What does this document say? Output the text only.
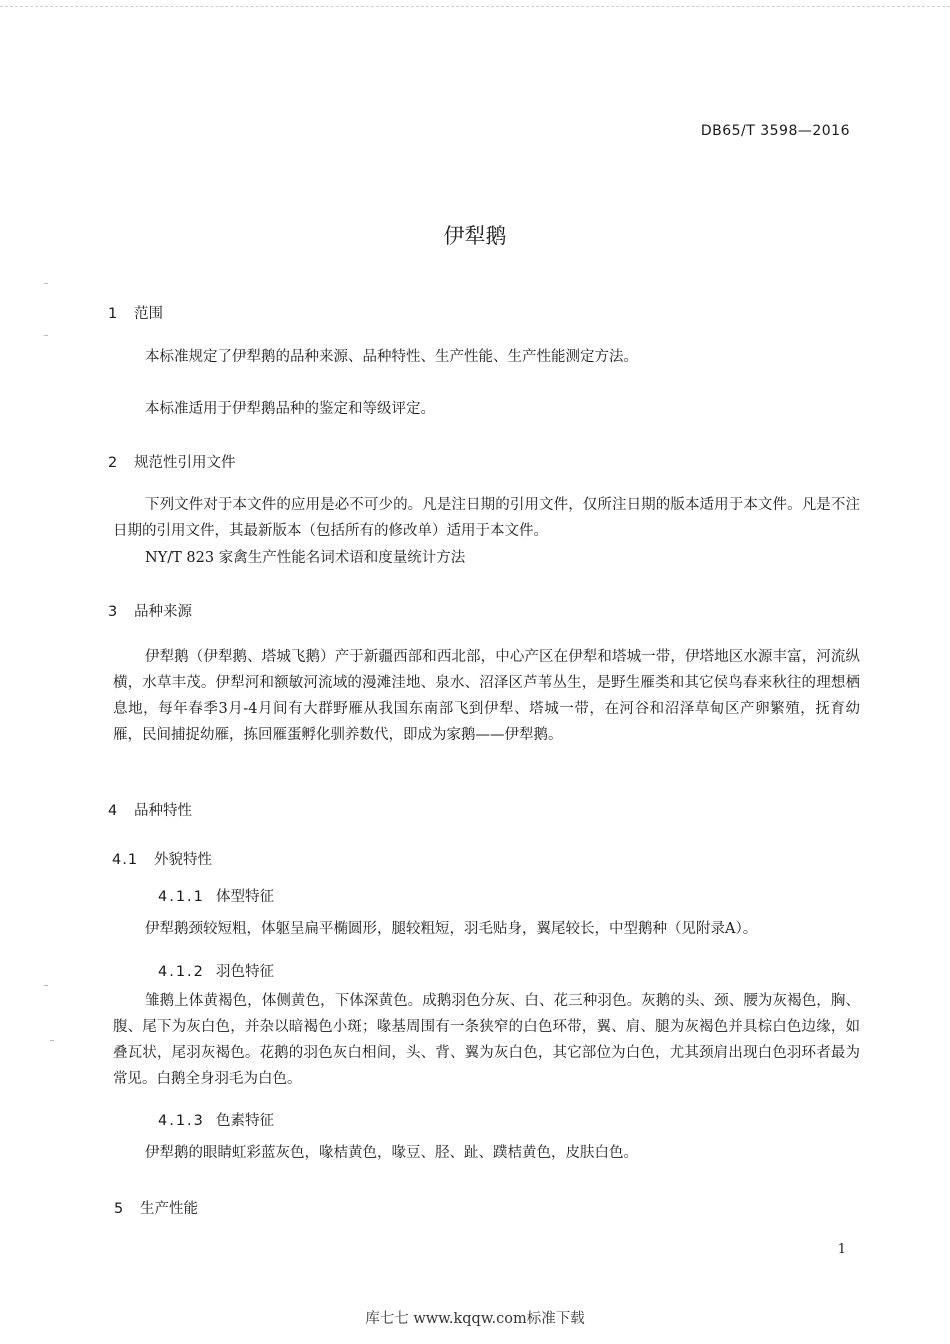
DB65/T 3598—2016
伊犁鹅
1 范围
本标准规定了伊犁鹅的品种来源、品种特性、生产性能、生产性能测定方法。
本标准适用于伊犁鹅品种的鉴定和等级评定。
2 规范性引用文件
下列文件对于本文件的应用是必不可少的。凡是注日期的引用文件，仅所注日期的版本适用于本文件。凡是不注日期的引用文件，其最新版本（包括所有的修改单）适用于本文件。
NY/T 823 家禽生产性能名词术语和度量统计方法
3 品种来源
伊犁鹅（伊犁鹅、塔城飞鹅）产于新疆西部和西北部，中心产区在伊犁和塔城一带，伊塔地区水源丰富，河流纵横，水草丰茂。伊犁河和额敏河流域的漫滩洼地、泉水、沼泽区芦苇丛生，是野生雁类和其它侯鸟春来秋往的理想栖息地，每年春季3月-4月间有大群野雁从我国东南部飞到伊犁、塔城一带，在河谷和沼泽草甸区产卵繁殖，抚育幼雁，民间捕捉幼雁，拣回雁蛋孵化驯养数代，即成为家鹅——伊犁鹅。
4 品种特性
4.1 外貌特性
4.1.1 体型特征
伊犁鹅颈较短粗，体躯呈扁平椭圆形，腿较粗短，羽毛贴身，翼尾较长，中型鹅种（见附录A）。
4.1.2 羽色特征
雏鹅上体黄褐色，体侧黄色，下体深黄色。成鹅羽色分灰、白、花三种羽色。灰鹅的头、颈、腰为灰褐色，胸、腹、尾下为灰白色，并杂以暗褐色小斑；喙基周围有一条狭窄的白色环带，翼、肩、腿为灰褐色并具棕白色边缘，如叠瓦状，尾羽灰褐色。花鹅的羽色灰白相间，头、背、翼为灰白色，其它部位为白色，尤其颈肩出现白色羽环者最为常见。白鹅全身羽毛为白色。
4.1.3 色素特征
伊犁鹅的眼睛虹彩蓝灰色，喙桔黄色，喙豆、胫、趾、蹼桔黄色，皮肤白色。
5 生产性能
1
库七七 www.kqqw.com标准下载
